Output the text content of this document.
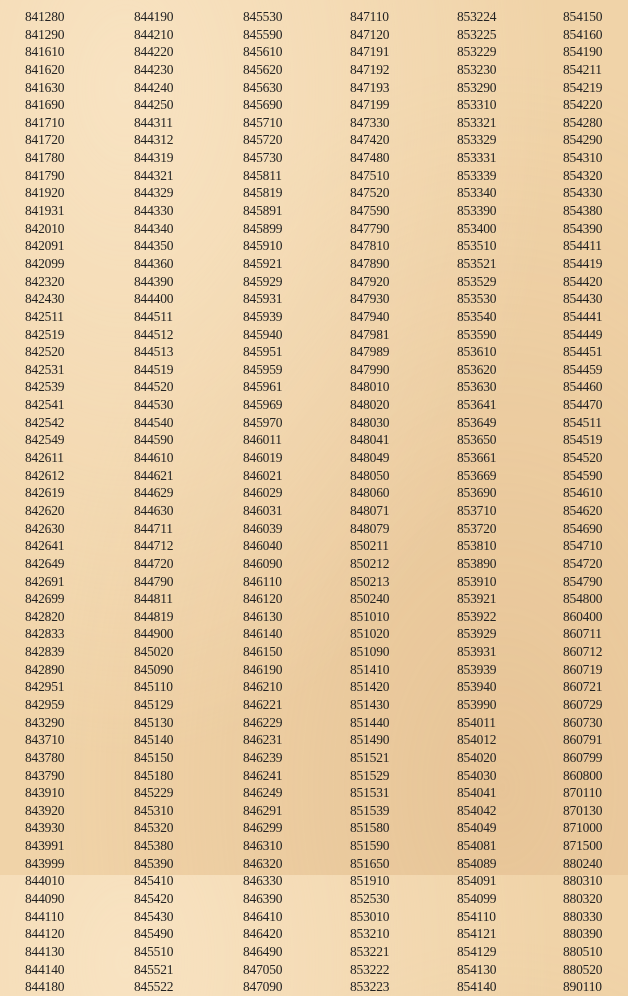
841280
841290
841610
841620
841630
841690
841710
841720
841780
841790
841920
841931
842010
842091
842099
842320
842430
842511
842519
842520
842531
842539
842541
842542
842549
842611
842612
842619
842620
842630
842641
842649
842691
842699
842820
842833
842839
842890
842951
842959
843290
843710
843780
843790
843910
843920
843930
843991
843999
844010
844090
844110
844120
844130
844140
844180
844190
844210
844220
844230
844240
844250
844311
844312
844319
844321
844329
844330
844340
844350
844360
844390
844400
844511
844512
844513
844519
844520
844530
844540
844590
844610
844621
844629
844630
844711
844712
844720
844790
844811
844819
844900
845020
845090
845110
845129
845130
845140
845150
845180
845229
845310
845320
845380
845390
845410
845420
845430
845490
845510
845521
845522
845530
845590
845610
845620
845630
845690
845710
845720
845730
845811
845819
845891
845899
845910
845921
845929
845931
845939
845940
845951
845959
845961
845969
845970
846011
846019
846021
846029
846031
846039
846040
846090
846110
846120
846130
846140
846150
846190
846210
846221
846229
846231
846239
846241
846249
846291
846299
846310
846320
846330
846390
846410
846420
846490
847050
847090
847110
847120
847191
847192
847193
847199
847330
847420
847480
847510
847520
847590
847790
847810
847890
847920
847930
847940
847981
847989
847990
848010
848020
848030
848041
848049
848050
848060
848071
848079
850211
850212
850213
850240
851010
851020
851090
851410
851420
851430
851440
851490
851521
851529
851531
851539
851580
851590
851650
851910
852530
853010
853210
853221
853222
853223
853224
853225
853229
853230
853290
853310
853321
853329
853331
853339
853340
853390
853400
853510
853521
853529
853530
853540
853590
853610
853620
853630
853641
853649
853650
853661
853669
853690
853710
853720
853810
853890
853910
853921
853922
853929
853931
853939
853940
853990
854011
854012
854020
854030
854041
854042
854049
854081
854089
854091
854099
854110
854121
854129
854130
854140
854150
854160
854190
854211
854219
854220
854280
854290
854310
854320
854330
854380
854390
854411
854419
854420
854430
854441
854449
854451
854459
854460
854470
854511
854519
854520
854590
854610
854620
854690
854710
854720
854790
854800
860400
860711
860712
860719
860721
860729
860730
860791
860799
860800
870110
870130
871000
871500
880240
880310
880320
880330
880390
880510
880520
890110
